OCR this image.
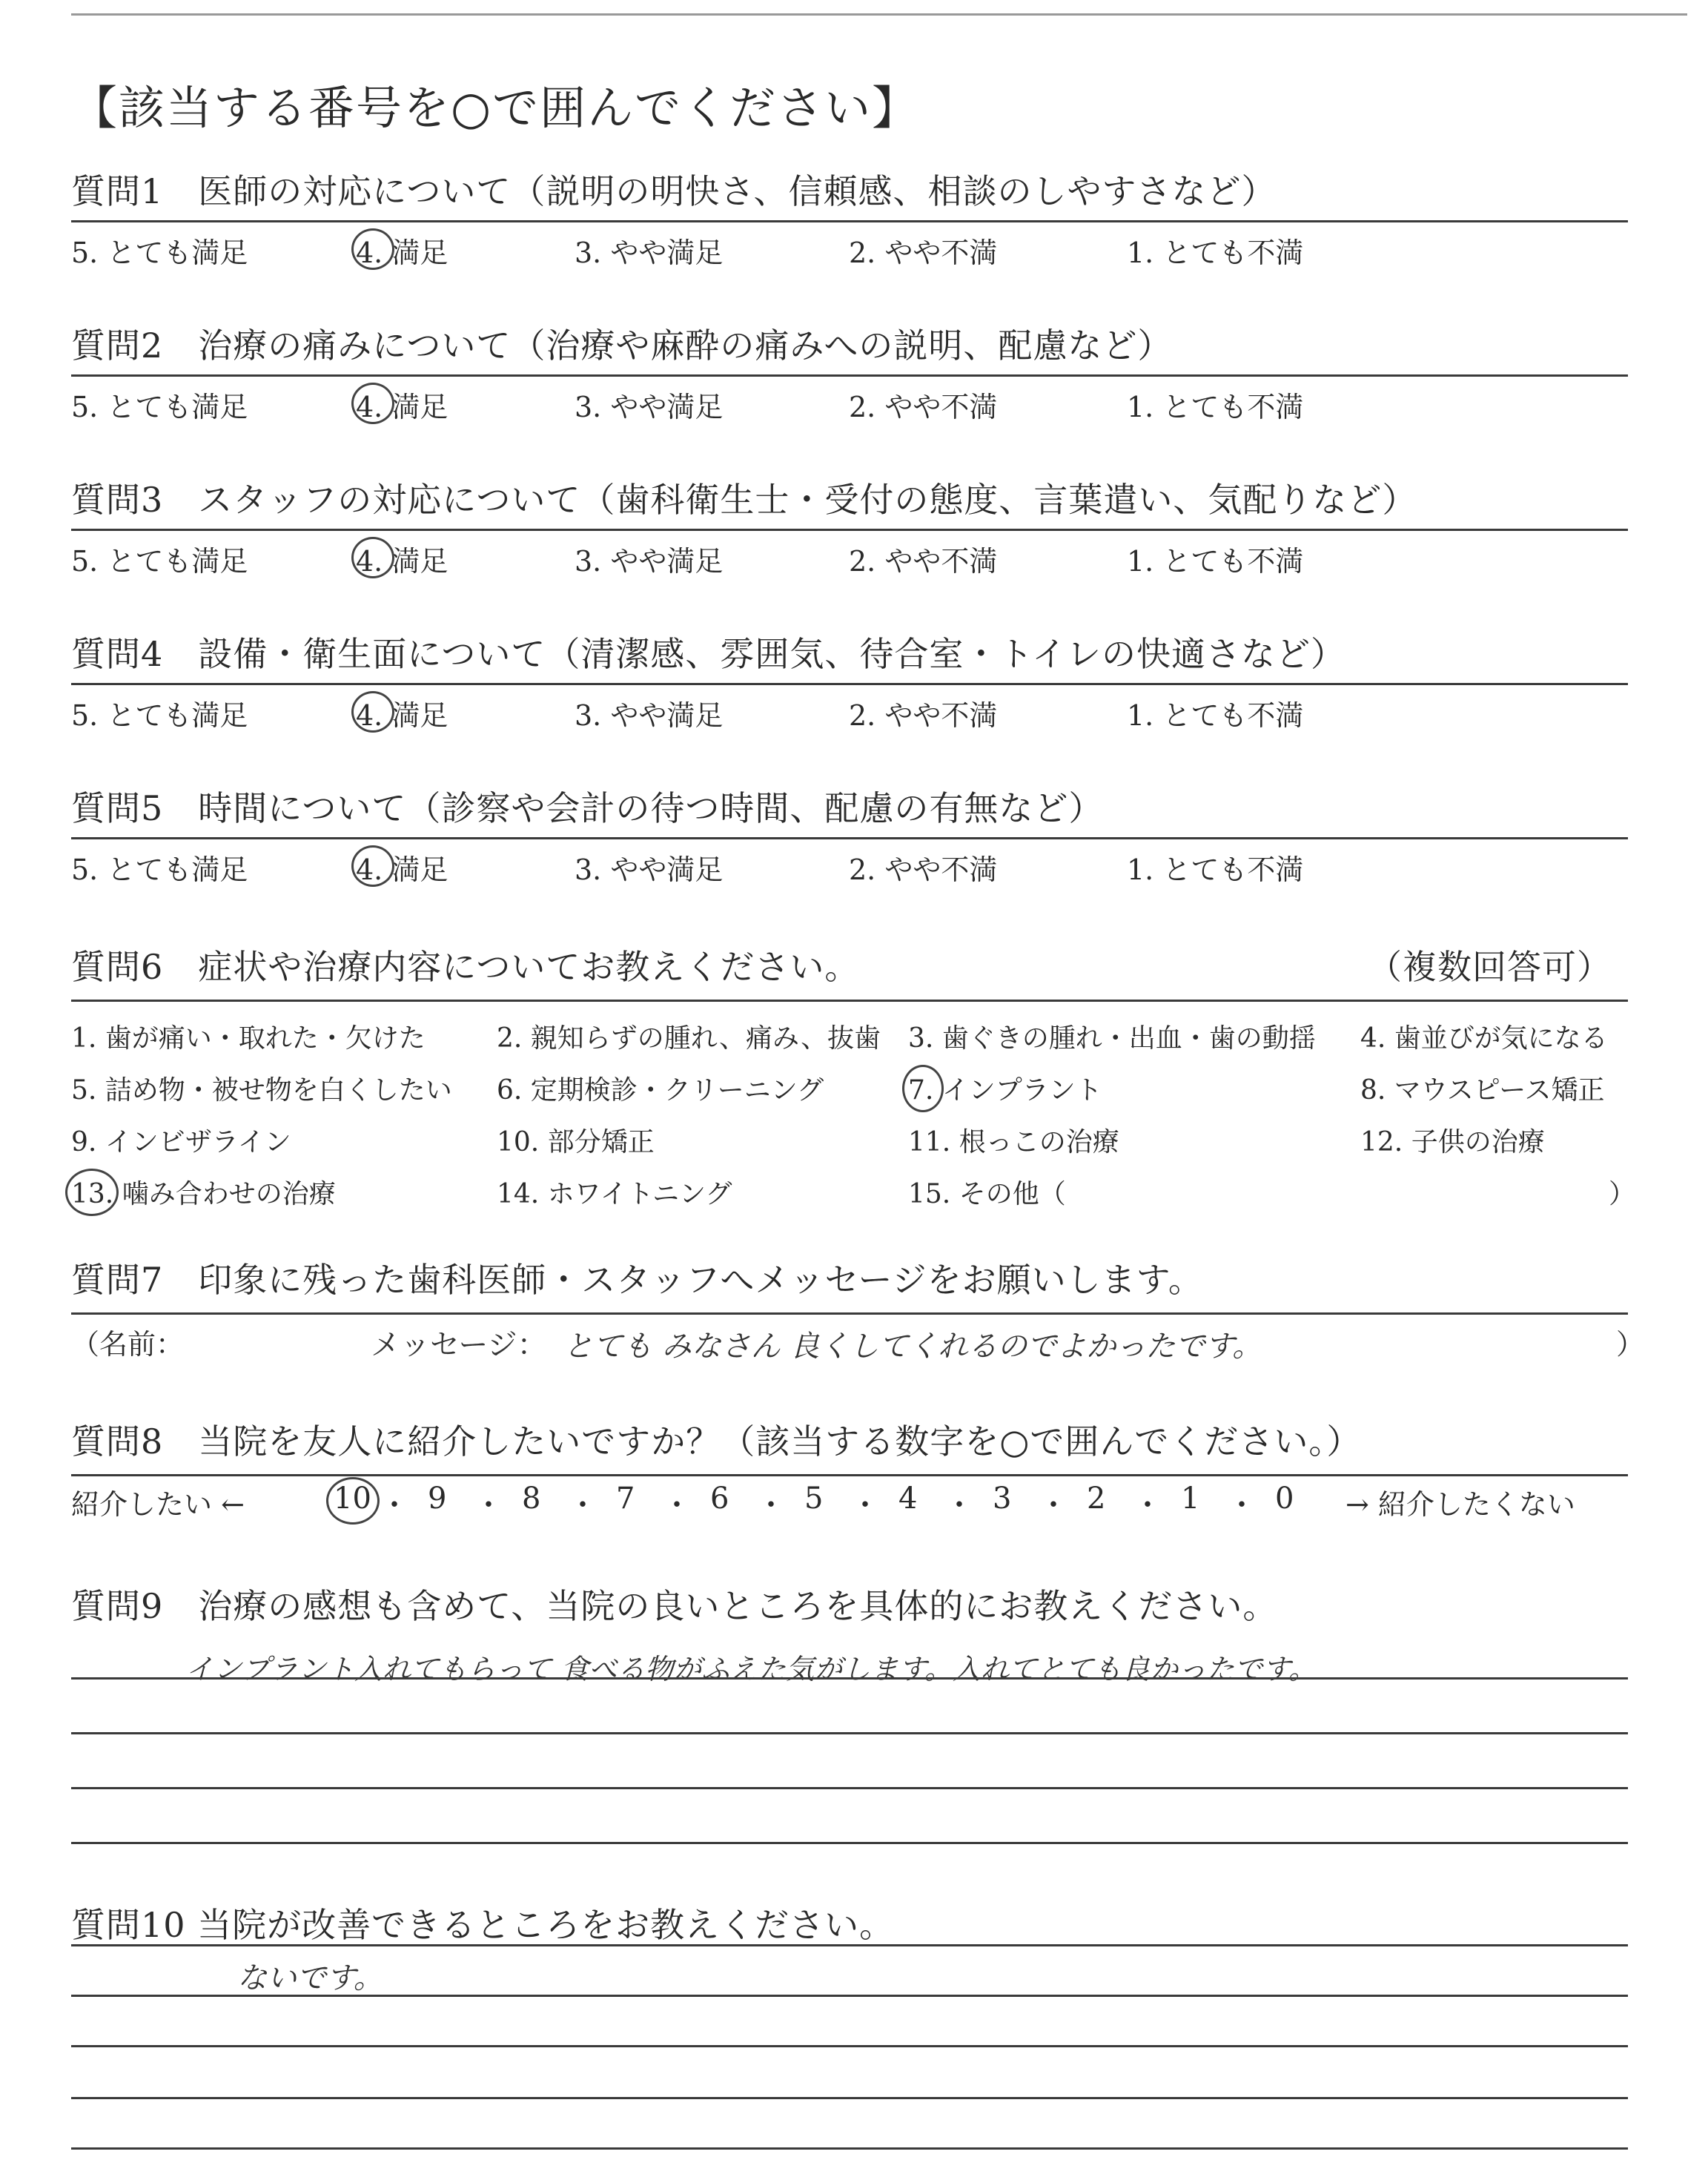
【該当する番号を○で囲んでください】
質問1　医師の対応について（説明の明快さ、信頼感、相談のしやすさなど）
5. とても満足	4. 満足	3. やや満足	2. やや不満	1. とても不満
質問2　治療の痛みについて（治療や麻酔の痛みへの説明、配慮など）
5. とても満足	4. 満足	3. やや満足	2. やや不満	1. とても不満
質問3　スタッフの対応について（歯科衛生士・受付の態度、言葉遣い、気配りなど）
5. とても満足	4. 満足	3. やや満足	2. やや不満	1. とても不満
質問4　設備・衛生面について（清潔感、雰囲気、待合室・トイレの快適さなど）
5. とても満足	4. 満足	3. やや満足	2. やや不満	1. とても不満
質問5　時間について（診察や会計の待つ時間、配慮の有無など）
5. とても満足	4. 満足	3. やや満足	2. やや不満	1. とても不満
質問6　症状や治療内容についてお教えください。	（複数回答可）
1. 歯が痛い・取れた・欠けた	2. 親知らずの腫れ、痛み、抜歯 3. 歯ぐきの腫れ・出血・歯の動揺 4. 歯並びが気になる
5. 詰め物・被せ物を白くしたい 6. 定期検診・クリーニング	7. インプラント	8. マウスピース矯正
9. インビザライン	10. 部分矯正	11. 根っこの治療	12. 子供の治療
13. 噛み合わせの治療	14. ホワイトニング	15. その他（	）
質問7　印象に残った歯科医師・スタッフへメッセージをお願いします。
（名前：	メッセージ： とても みなさん 良くしてくれるのでよかったです。	）
質問8　当院を友人に紹介したいですか？（該当する数字を○で囲んでください。）
紹介したい ←	10 ・ 9 ・ 8 ・ 7 ・ 6 ・ 5 ・ 4 ・ 3 ・ 2 ・ 1 ・ 0 → 紹介したくない
質問9　治療の感想も含めて、当院の良いところを具体的にお教えください。
インプラント入れてもらって 食べる物がふえた気がします。入れてとても良かったです。
質問10 当院が改善できるところをお教えください。
ないです。
